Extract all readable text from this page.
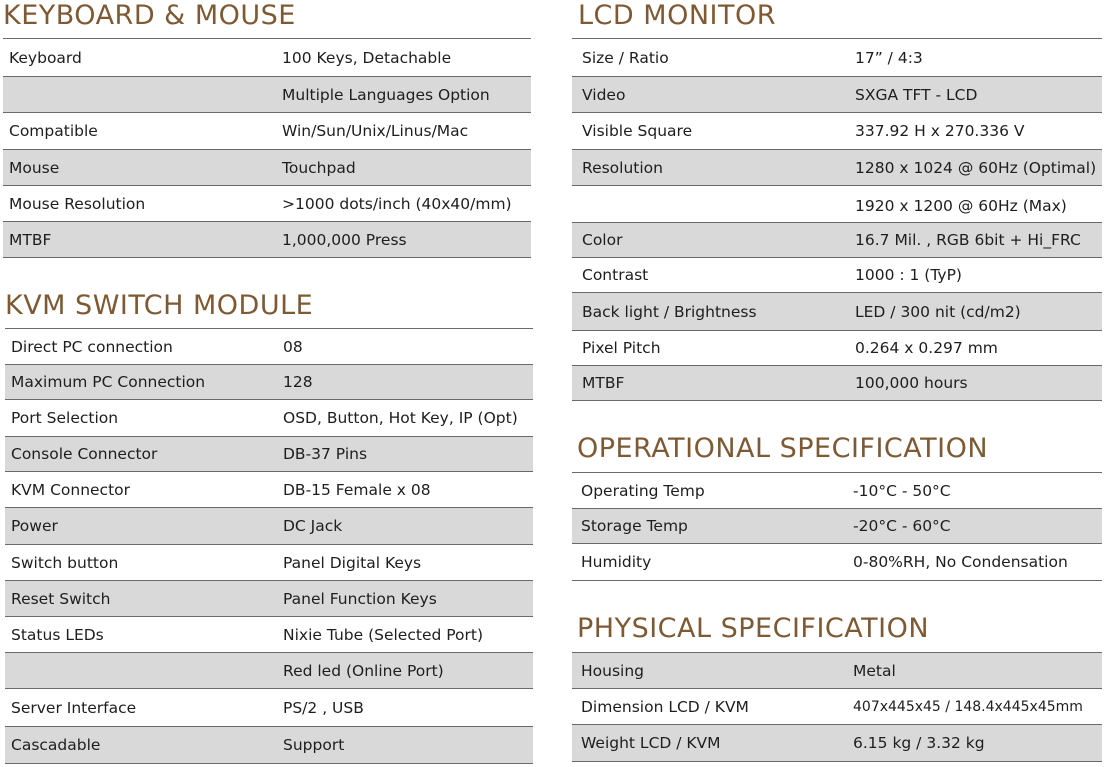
KEYBOARD & MOUSE
Keyboard	100 Keys, Detachable
Multiple Languages Option
Compatible	Win/Sun/Unix/Linus/Mac
Mouse	Touchpad
Mouse Resolution	>1000 dots/inch (40x40/mm)
MTBF	1,000,000 Press
KVM SWITCH MODULE
Direct PC connection	08
Maximum PC Connection	128
Port Selection	OSD, Button, Hot Key, IP (Opt)
Console Connector	DB-37 Pins
KVM Connector	DB-15 Female x 08
Power	DC Jack
Switch button	Panel Digital Keys
Reset Switch	Panel Function Keys
Status LEDs	Nixie Tube (Selected Port)
Red led (Online Port)
Server Interface	PS/2 , USB
Cascadable	Support
LCD MONITOR
Size / Ratio	17” / 4:3
Video	SXGA TFT - LCD
Visible Square	337.92 H x 270.336 V
Resolution	1280 x 1024 @ 60Hz (Optimal)
1920 x 1200 @ 60Hz (Max)
Color	16.7 Mil. , RGB 6bit + Hi_FRC
Contrast	1000 : 1 (TyP)
Back light / Brightness	LED / 300 nit (cd/m2)
Pixel Pitch	0.264 x 0.297 mm
MTBF	100,000 hours
OPERATIONAL SPECIFICATION
Operating Temp	-10°C - 50°C
Storage Temp	-20°C - 60°C
Humidity	0-80%RH, No Condensation
PHYSICAL SPECIFICATION
Housing	Metal
Dimension LCD / KVM	407x445x45 / 148.4x445x45mm
Weight LCD / KVM	6.15 kg / 3.32 kg
